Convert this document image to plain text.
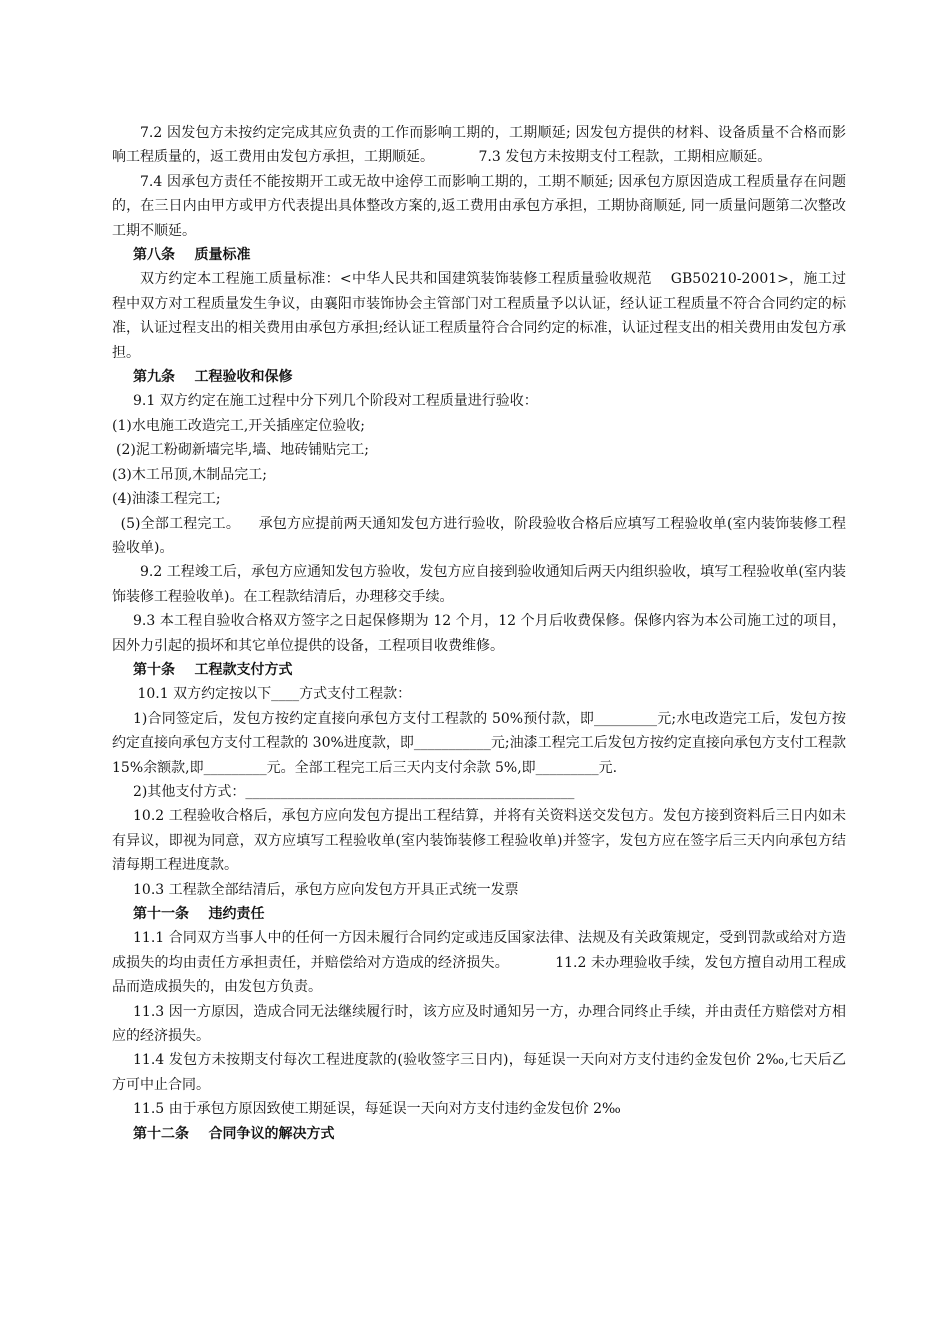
7.2 因发包方未按约定完成其应负责的工作而影响工期的，工期顺延; 因发包方提供的材料、设备质量不合格而影响工程质量的，返工费用由发包方承担，工期顺延。          7.3 发包方未按期支付工程款，工期相应顺延。

7.4 因承包方责任不能按期开工或无故中途停工而影响工期的，工期不顺延; 因承包方原因造成工程质量存在问题的，在三日内由甲方或甲方代表提出具体整改方案的,返工费用由承包方承担，工期协商顺延, 同一质量问题第二次整改工期不顺延。

第八条    质量标准

双方约定本工程施工质量标准：<中华人民共和国建筑装饰装修工程质量验收规范    GB50210-2001>，施工过程中双方对工程质量发生争议，由襄阳市装饰协会主管部门对工程质量予以认证，经认证工程质量不符合合同约定的标准，认证过程支出的相关费用由承包方承担;经认证工程质量符合合同约定的标准，认证过程支出的相关费用由发包方承担。

第九条    工程验收和保修

9.1 双方约定在施工过程中分下列几个阶段对工程质量进行验收：

(1)水电施工改造完工,开关插座定位验收;

(2)泥工粉砌新墙完毕,墙、地砖铺贴完工;

(3)木工吊顶,木制品完工;

(4)油漆工程完工;

(5)全部工程完工。    承包方应提前两天通知发包方进行验收，阶段验收合格后应填写工程验收单(室内装饰装修工程验收单)。

9.2 工程竣工后，承包方应通知发包方验收，发包方应自接到验收通知后两天内组织验收，填写工程验收单(室内装饰装修工程验收单)。在工程款结清后，办理移交手续。

9.3 本工程自验收合格双方签字之日起保修期为 12 个月，12 个月后收费保修。保修内容为本公司施工过的项目，因外力引起的损坏和其它单位提供的设备，工程项目收费维修。

第十条    工程款支付方式

10.1 双方约定按以下____方式支付工程款：

1)合同签定后，发包方按约定直接向承包方支付工程款的 50%预付款，即_________元;水电改造完工后，发包方按约定直接向承包方支付工程款的 30%进度款，即___________元;油漆工程完工后发包方按约定直接向承包方支付工程款 15%余额款,即_________元。全部工程完工后三天内支付余款 5%,即_________元.

2)其他支付方式：_______________________________________________

10.2 工程验收合格后，承包方应向发包方提出工程结算，并将有关资料送交发包方。发包方接到资料后三日内如未有异议，即视为同意，双方应填写工程验收单(室内装饰装修工程验收单)并签字，发包方应在签字后三天内向承包方结清每期工程进度款。

10.3 工程款全部结清后，承包方应向发包方开具正式统一发票

第十一条    违约责任

11.1 合同双方当事人中的任何一方因未履行合同约定或违反国家法律、法规及有关政策规定，受到罚款或给对方造成损失的均由责任方承担责任，并赔偿给对方造成的经济损失。          11.2 未办理验收手续，发包方擅自动用工程成品而造成损失的，由发包方负责。

11.3 因一方原因，造成合同无法继续履行时，该方应及时通知另一方，办理合同终止手续，并由责任方赔偿对方相应的经济损失。

11.4 发包方未按期支付每次工程进度款的(验收签字三日内)，每延误一天向对方支付违约金发包价 2‰,七天后乙方可中止合同。

11.5 由于承包方原因致使工期延误，每延误一天向对方支付违约金发包价 2‰

第十二条    合同争议的解决方式
